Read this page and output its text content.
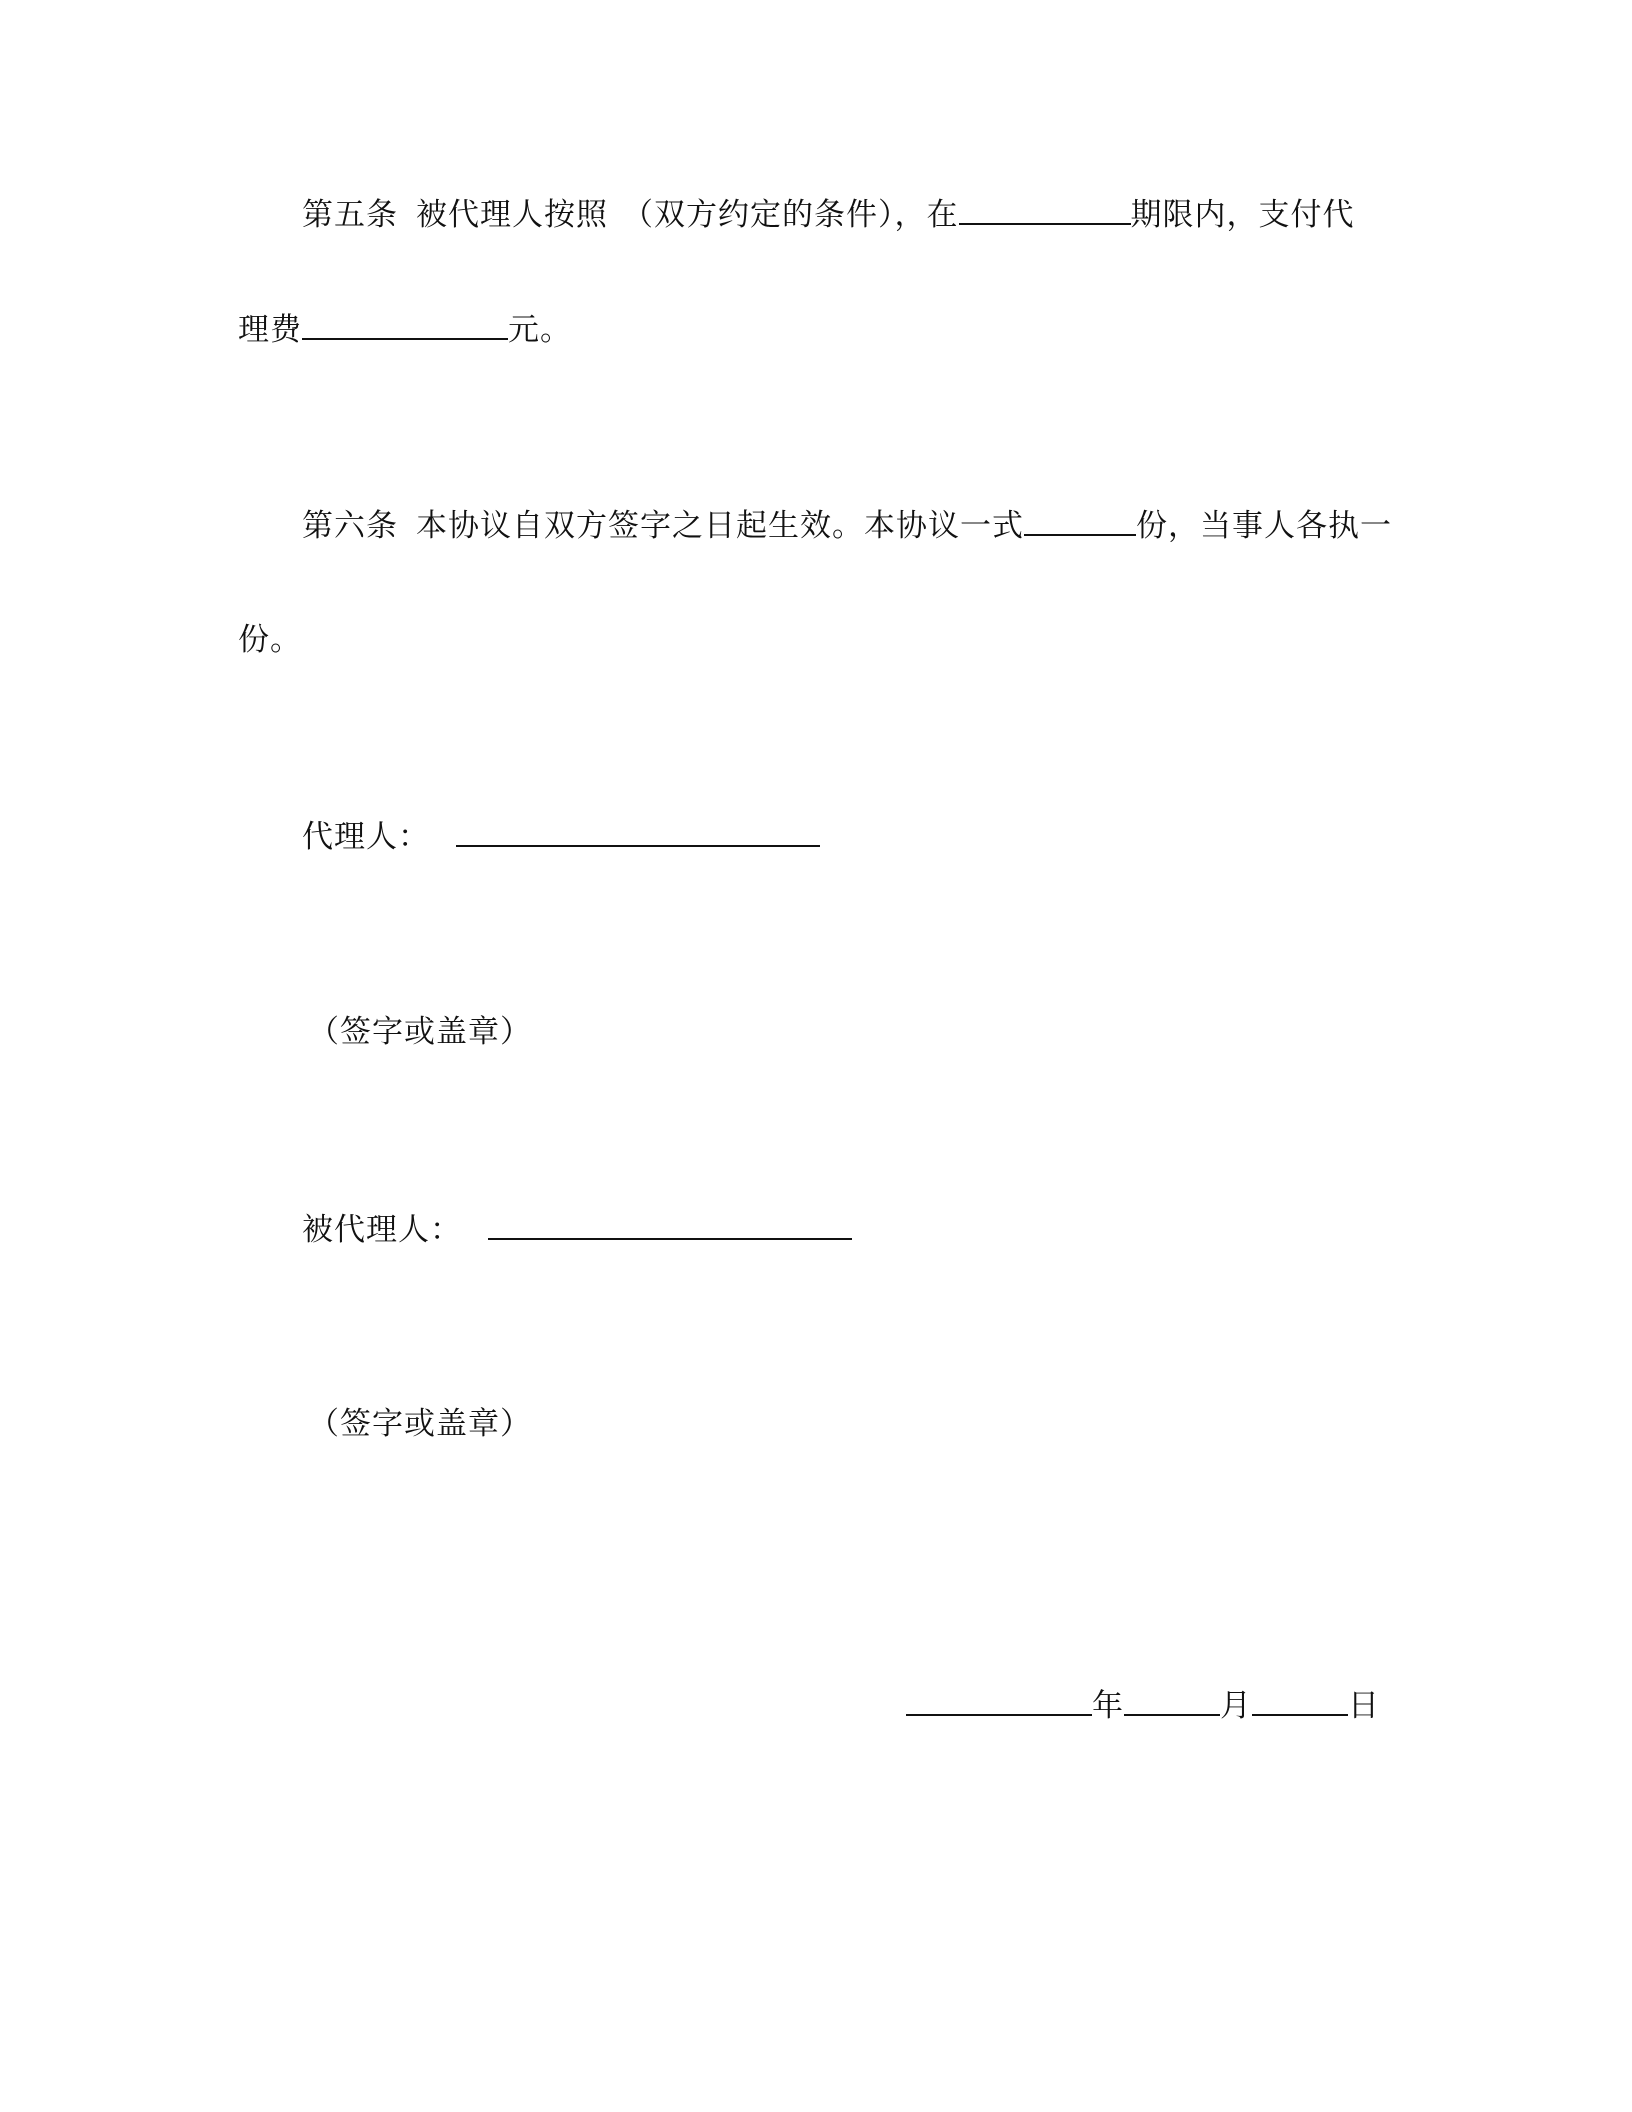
第五条 被代理人按照 （双方约定的条件），在	期限内，支付代
理费	元。
第六条 本协议自双方签字之日起生效。本协议一式	份，当事人各执一
份。
代理人：
（签字或盖章）
被代理人：
（签字或盖章）
年	月	日
